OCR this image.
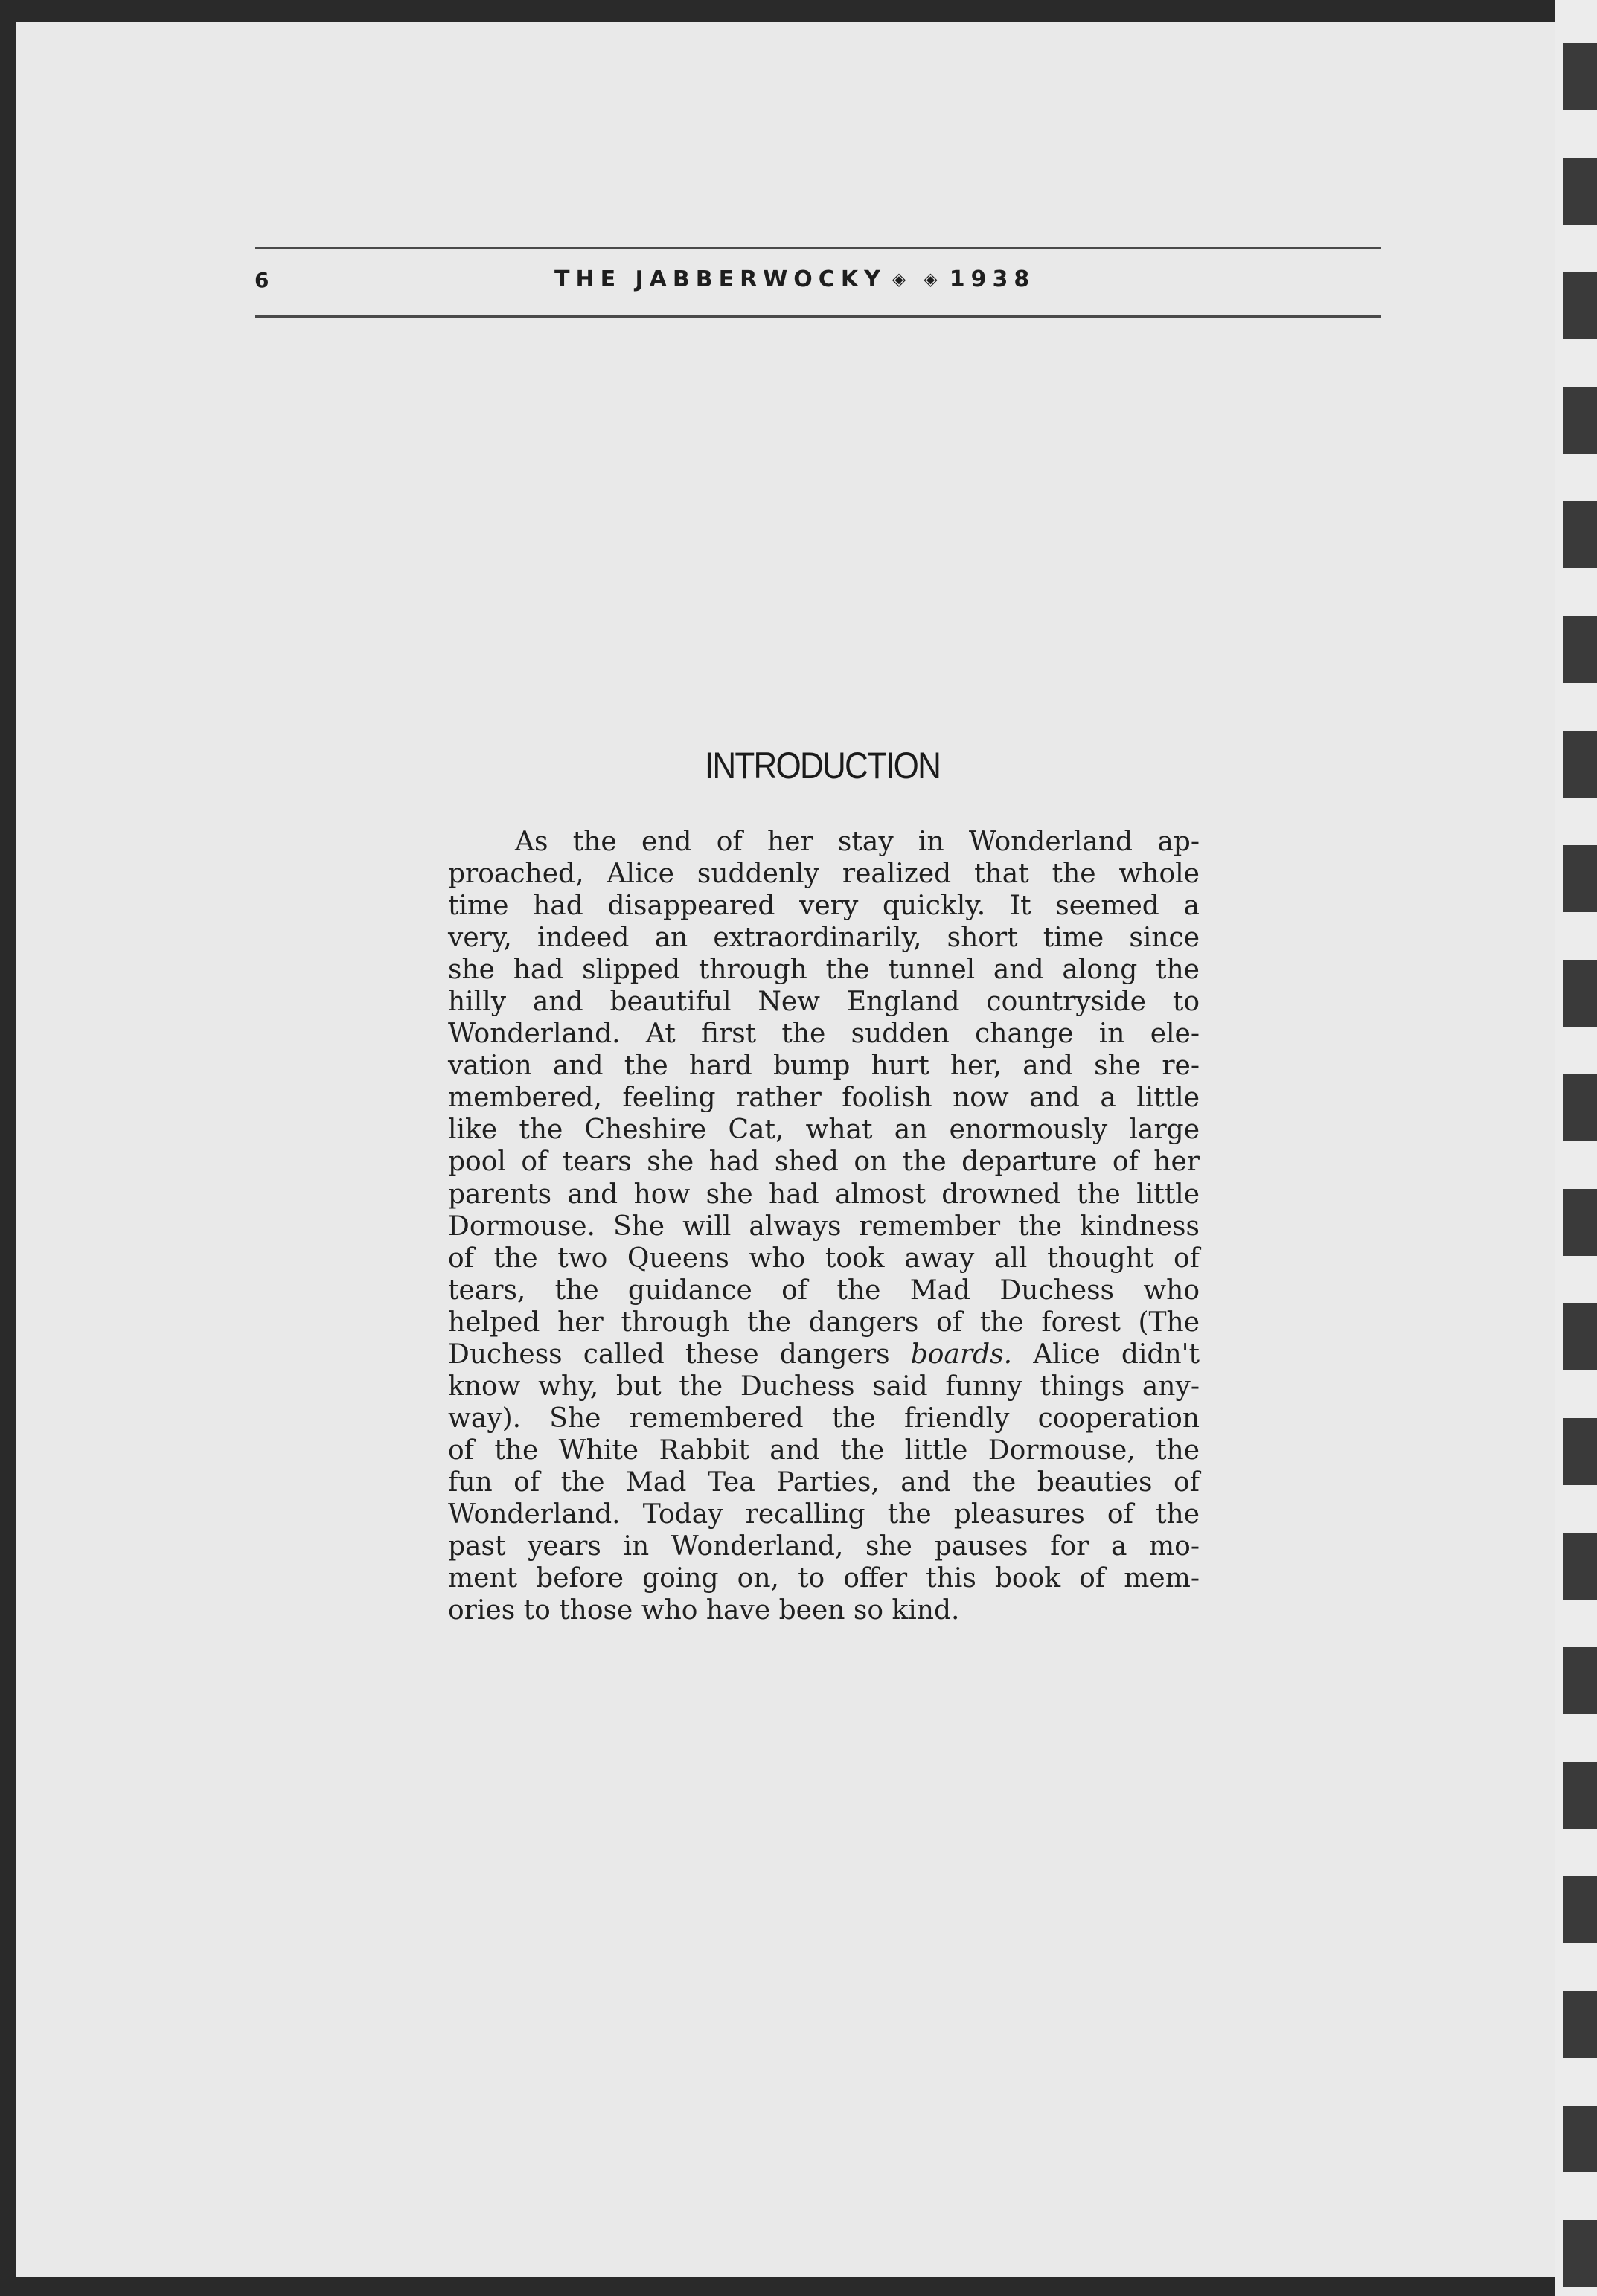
6	THE JABBERWOCKY ◈ ◈ 1938
INTRODUCTION
As the end of her stay in Wonderland ap-
proached, Alice suddenly realized that the whole
time had disappeared very quickly. It seemed a
very, indeed an extraordinarily, short time since
she had slipped through the tunnel and along the
hilly and beautiful New England countryside to
Wonderland. At first the sudden change in ele-
vation and the hard bump hurt her, and she re-
membered, feeling rather foolish now and a little
like the Cheshire Cat, what an enormously large
pool of tears she had shed on the departure of her
parents and how she had almost drowned the little
Dormouse. She will always remember the kindness
of the two Queens who took away all thought of
tears, the guidance of the Mad Duchess who
helped her through the dangers of the forest (The
Duchess called these dangers boards. Alice didn't
know why, but the Duchess said funny things any-
way). She remembered the friendly cooperation
of the White Rabbit and the little Dormouse, the
fun of the Mad Tea Parties, and the beauties of
Wonderland. Today recalling the pleasures of the
past years in Wonderland, she pauses for a mo-
ment before going on, to offer this book of mem-
ories to those who have been so kind.
